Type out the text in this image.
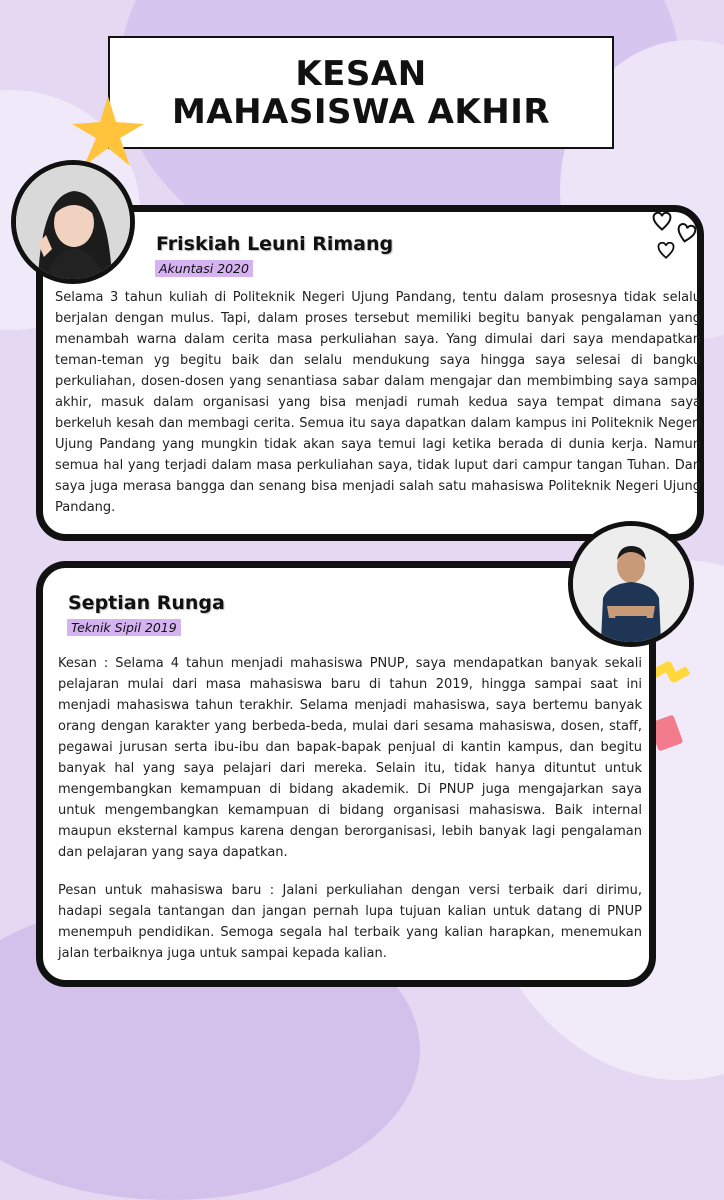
KESAN
MAHASISWA AKHIR
Friskiah Leuni Rimang
Akuntasi 2020

Selama 3 tahun kuliah di Politeknik Negeri Ujung Pandang, tentu dalam prosesnya tidak selalu berjalan dengan mulus. Tapi, dalam proses tersebut memiliki begitu banyak pengalaman yang menambah warna dalam cerita masa perkuliahan saya. Yang dimulai dari saya mendapatkan teman-teman yg begitu baik dan selalu mendukung saya hingga saya selesai di bangku perkuliahan, dosen-dosen yang senantiasa sabar dalam mengajar dan membimbing saya sampai akhir, masuk dalam organisasi yang bisa menjadi rumah kedua saya tempat dimana saya berkeluh kesah dan membagi cerita. Semua itu saya dapatkan dalam kampus ini Politeknik Negeri Ujung Pandang yang mungkin tidak akan saya temui lagi ketika berada di dunia kerja. Namun semua hal yang terjadi dalam masa perkuliahan saya, tidak luput dari campur tangan Tuhan. Dan saya juga merasa bangga dan senang bisa menjadi salah satu mahasiswa Politeknik Negeri Ujung Pandang.

Septian Runga
Teknik Sipil 2019

Kesan : Selama 4 tahun menjadi mahasiswa PNUP, saya mendapatkan banyak sekali pelajaran mulai dari masa mahasiswa baru di tahun 2019, hingga sampai saat ini menjadi mahasiswa tahun terakhir. Selama menjadi mahasiswa, saya bertemu banyak orang dengan karakter yang berbeda-beda, mulai dari sesama mahasiswa, dosen, staff, pegawai jurusan serta ibu-ibu dan bapak-bapak penjual di kantin kampus, dan begitu banyak hal yang saya pelajari dari mereka. Selain itu, tidak hanya dituntut untuk mengembangkan kemampuan di bidang akademik. Di PNUP juga mengajarkan saya untuk mengembangkan kemampuan di bidang organisasi mahasiswa. Baik internal maupun eksternal kampus karena dengan berorganisasi, lebih banyak lagi pengalaman dan pelajaran yang saya dapatkan.

Pesan untuk mahasiswa baru : Jalani perkuliahan dengan versi terbaik dari dirimu, hadapi segala tantangan dan jangan pernah lupa tujuan kalian untuk datang di PNUP menempuh pendidikan. Semoga segala hal terbaik yang kalian harapkan, menemukan jalan terbaiknya juga untuk sampai kepada kalian.
